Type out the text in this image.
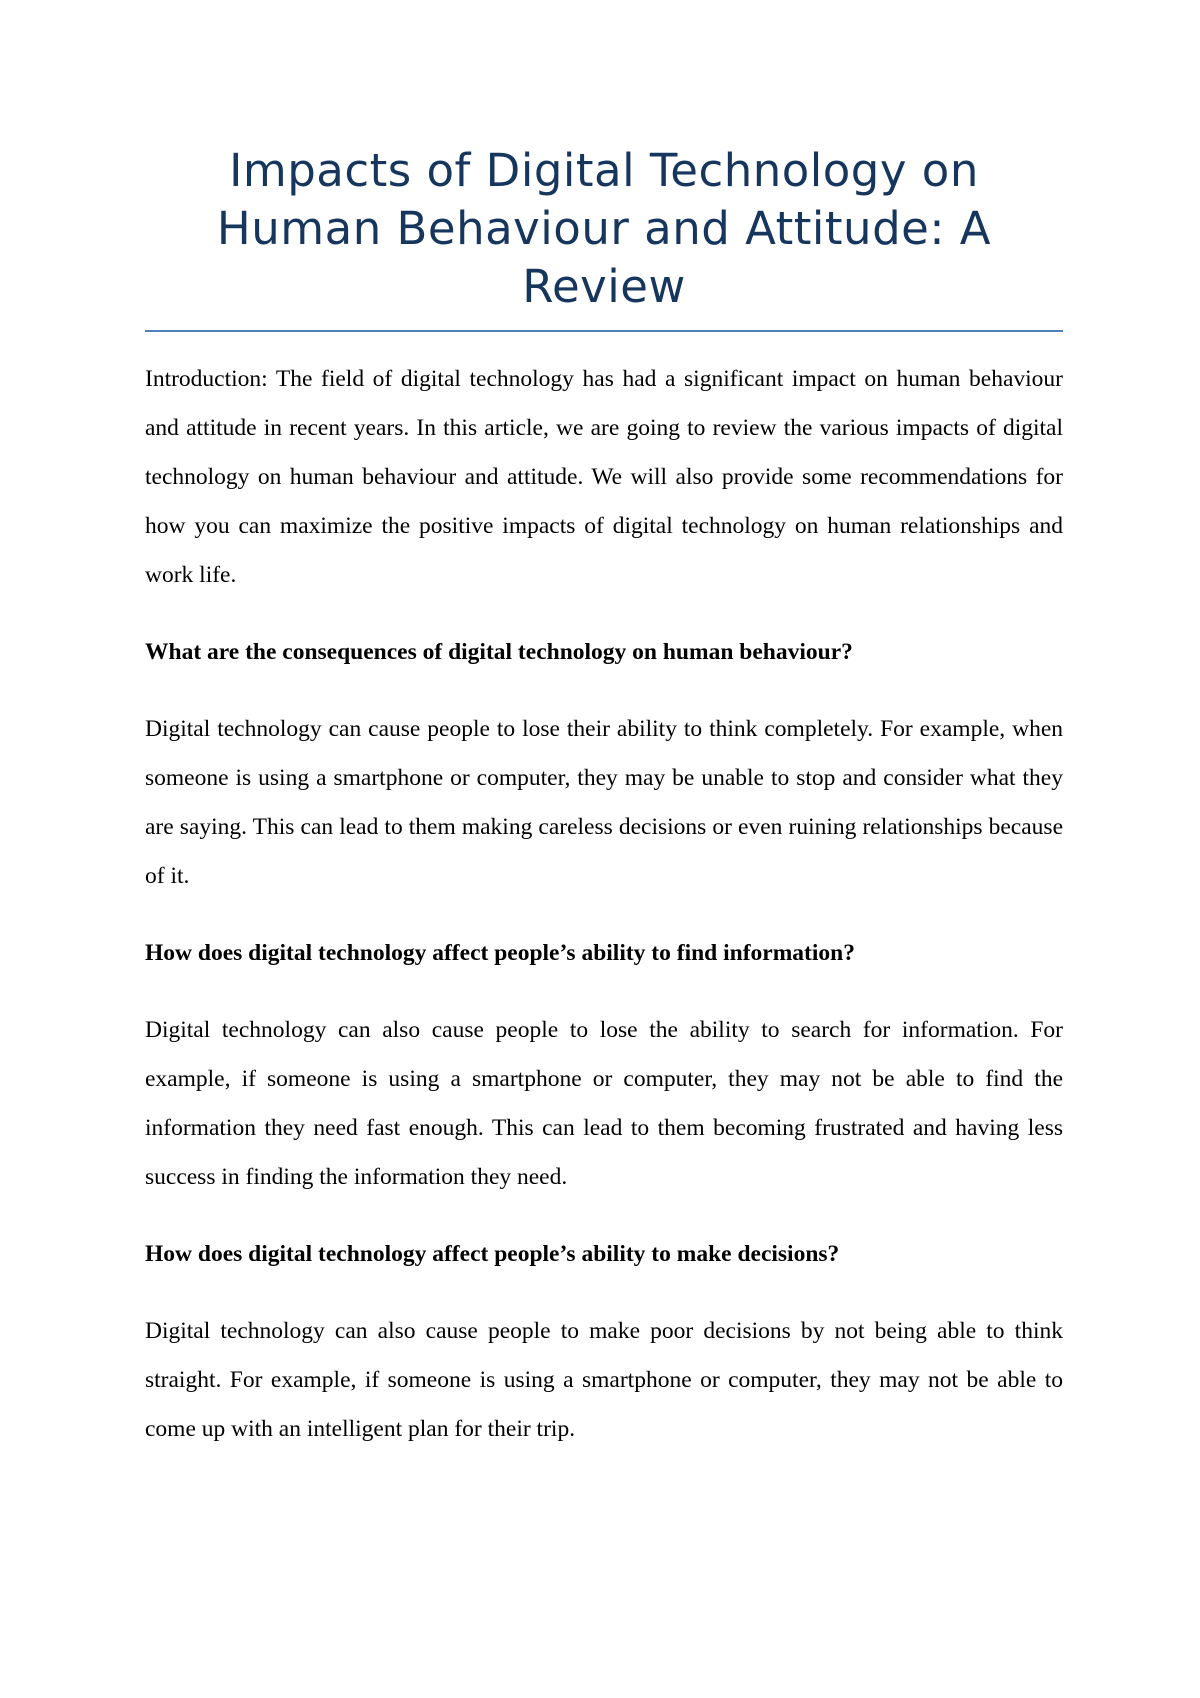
Impacts of Digital Technology on Human Behaviour and Attitude: A Review

Introduction: The field of digital technology has had a significant impact on human behaviour and attitude in recent years. In this article, we are going to review the various impacts of digital technology on human behaviour and attitude. We will also provide some recommendations for how you can maximize the positive impacts of digital technology on human relationships and work life.

What are the consequences of digital technology on human behaviour?

Digital technology can cause people to lose their ability to think completely. For example, when someone is using a smartphone or computer, they may be unable to stop and consider what they are saying. This can lead to them making careless decisions or even ruining relationships because of it.

How does digital technology affect people’s ability to find information?

Digital technology can also cause people to lose the ability to search for information. For example, if someone is using a smartphone or computer, they may not be able to find the information they need fast enough. This can lead to them becoming frustrated and having less success in finding the information they need.

How does digital technology affect people’s ability to make decisions?

Digital technology can also cause people to make poor decisions by not being able to think straight. For example, if someone is using a smartphone or computer, they may not be able to come up with an intelligent plan for their trip.
